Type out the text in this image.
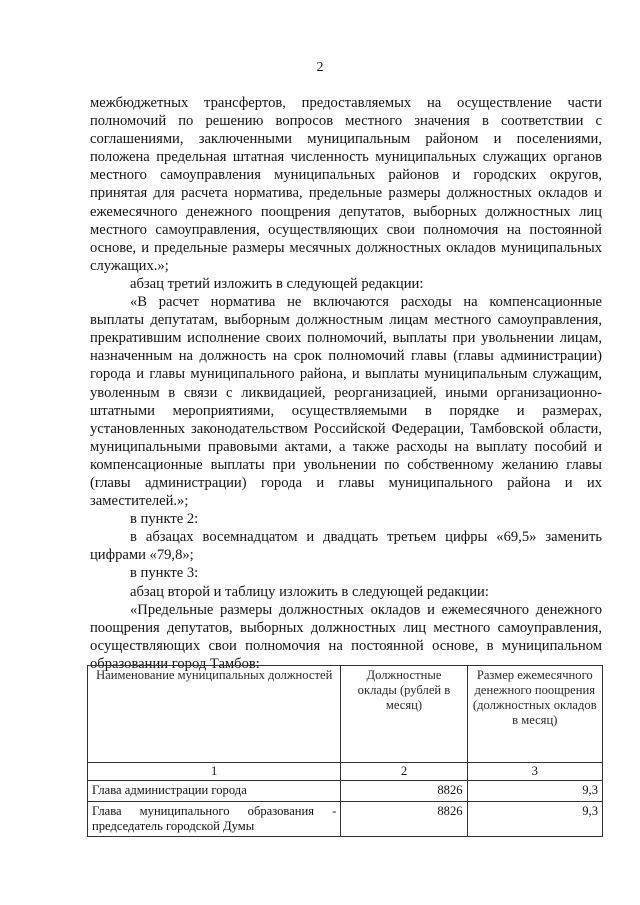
2

межбюджетных трансфертов, предоставляемых на осуществление части полномочий по решению вопросов местного значения в соответствии с соглашениями, заключенными муниципальным районом и поселениями, положена предельная штатная численность муниципальных служащих органов местного самоуправления муниципальных районов и городских округов, принятая для расчета норматива, предельные размеры должностных окладов и ежемесячного денежного поощрения депутатов, выборных должностных лиц местного самоуправления, осуществляющих свои полномочия на постоянной основе, и предельные размеры месячных должностных окладов муниципальных служащих.»;

абзац третий изложить в следующей редакции:

«В расчет норматива не включаются расходы на компенсационные выплаты депутатам, выборным должностным лицам местного самоуправления, прекратившим исполнение своих полномочий, выплаты при увольнении лицам, назначенным на должность на срок полномочий главы (главы администрации) города и главы муниципального района, и выплаты муниципальным служащим, уволенным в связи с ликвидацией, реорганизацией, иными организационно-штатными мероприятиями, осуществляемыми в порядке и размерах, установленных законодательством Российской Федерации, Тамбовской области, муниципальными правовыми актами, а также расходы на выплату пособий и компенсационные выплаты при увольнении по собственному желанию главы (главы администрации) города и главы муниципального района и их заместителей.»;

в пункте 2:

в абзацах восемнадцатом и двадцать третьем цифры «69,5» заменить цифрами «79,8»;

в пункте 3:

абзац второй и таблицу изложить в следующей редакции:

«Предельные размеры должностных окладов и ежемесячного денежного поощрения депутатов, выборных должностных лиц местного самоуправления, осуществляющих свои полномочия на постоянной основе, в муниципальном образовании город Тамбов:

Наименование муниципальных должностей	Должностные оклады (рублей в месяц)	Размер ежемесячного денежного поощрения (должностных окладов в месяц)
1	2	3
Глава администрации города	8826	9,3
Глава муниципального образования - председатель городской Думы	8826	9,3
